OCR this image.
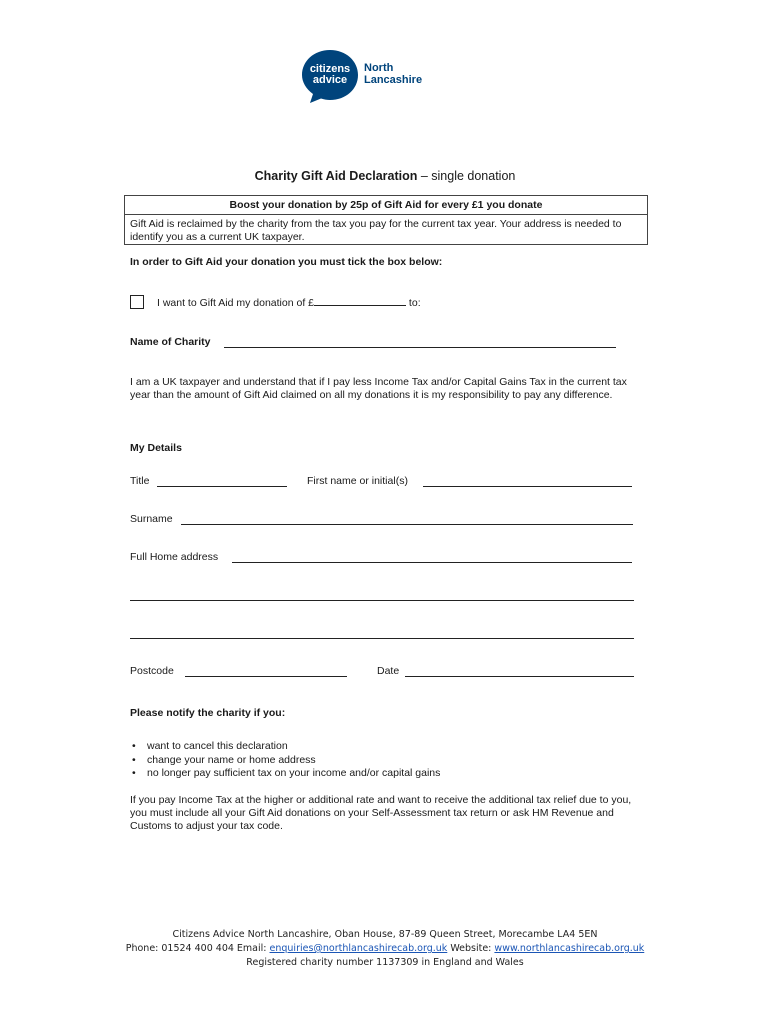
citizens
advice
North
Lancashire
Charity Gift Aid Declaration – single donation
Boost your donation by 25p of Gift Aid for every £1 you donate
Gift Aid is reclaimed by the charity from the tax you pay for the current tax year. Your address is needed to identify you as a current UK taxpayer.
In order to Gift Aid your donation you must tick the box below:
I want to Gift Aid my donation of £	to:
Name of Charity
I am a UK taxpayer and understand that if I pay less Income Tax and/or Capital Gains Tax in the current tax year than the amount of Gift Aid claimed on all my donations it is my responsibility to pay any difference.
My Details
Title	First name or initial(s)
Surname
Full Home address
Postcode	Date
Please notify the charity if you:
• want to cancel this declaration
• change your name or home address
• no longer pay sufficient tax on your income and/or capital gains
If you pay Income Tax at the higher or additional rate and want to receive the additional tax relief due to you, you must include all your Gift Aid donations on your Self-Assessment tax return or ask HM Revenue and Customs to adjust your tax code.
Citizens Advice North Lancashire, Oban House, 87-89 Queen Street, Morecambe LA4 5EN
Phone: 01524 400 404 Email: enquiries@northlancashirecab.org.uk Website: www.northlancashirecab.org.uk
Registered charity number 1137309 in England and Wales
